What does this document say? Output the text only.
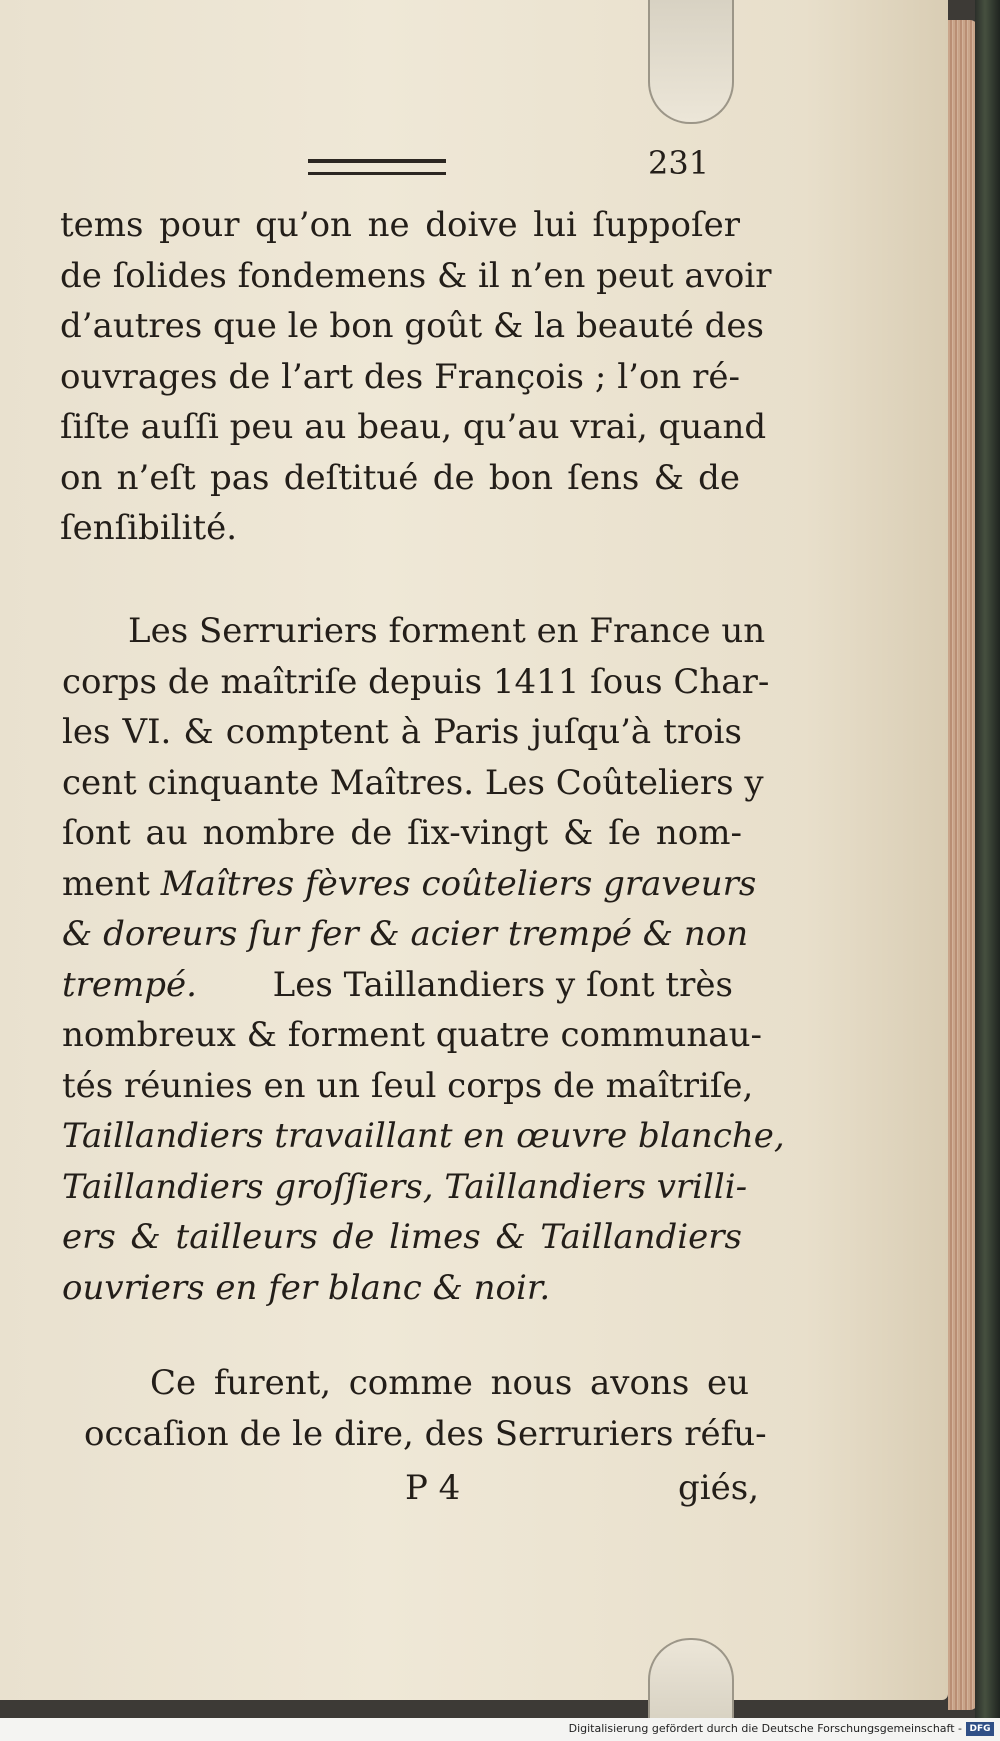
231

tems pour qu’on ne doive lui ſuppoſer
de ſolides fondemens & il n’en peut avoir
d’autres que le bon goût & la beauté des
ouvrages de l’art des François ; l’on ré-
ſiſte auſſi peu au beau, qu’au vrai, quand
on n’eſt pas deſtitué de bon ſens & de
ſenſibilité.

Les Serruriers forment en France un
corps de maîtriſe depuis 1411 ſous Char-
les VI. & comptent à Paris juſqu’à trois
cent cinquante Maîtres. Les Coûteliers y
ſont au nombre de ſix-vingt & ſe nom-
ment Maîtres fèvres coûteliers graveurs
& doreurs ſur fer & acier trempé & non
trempé. Les Taillandiers y ſont très
nombreux & forment quatre communau-
tés réunies en un ſeul corps de maîtriſe,
Taillandiers travaillant en œuvre blanche,
Taillandiers groſſiers, Taillandiers vrilli-
ers & tailleurs de limes & Taillandiers
ouvriers en fer blanc & noir.

Ce furent, comme nous avons eu
occaſion de le dire, des Serruriers réfu-

P 4	giés,
Digitalisierung gefördert durch die Deutsche Forschungsgemeinschaft - DFG
